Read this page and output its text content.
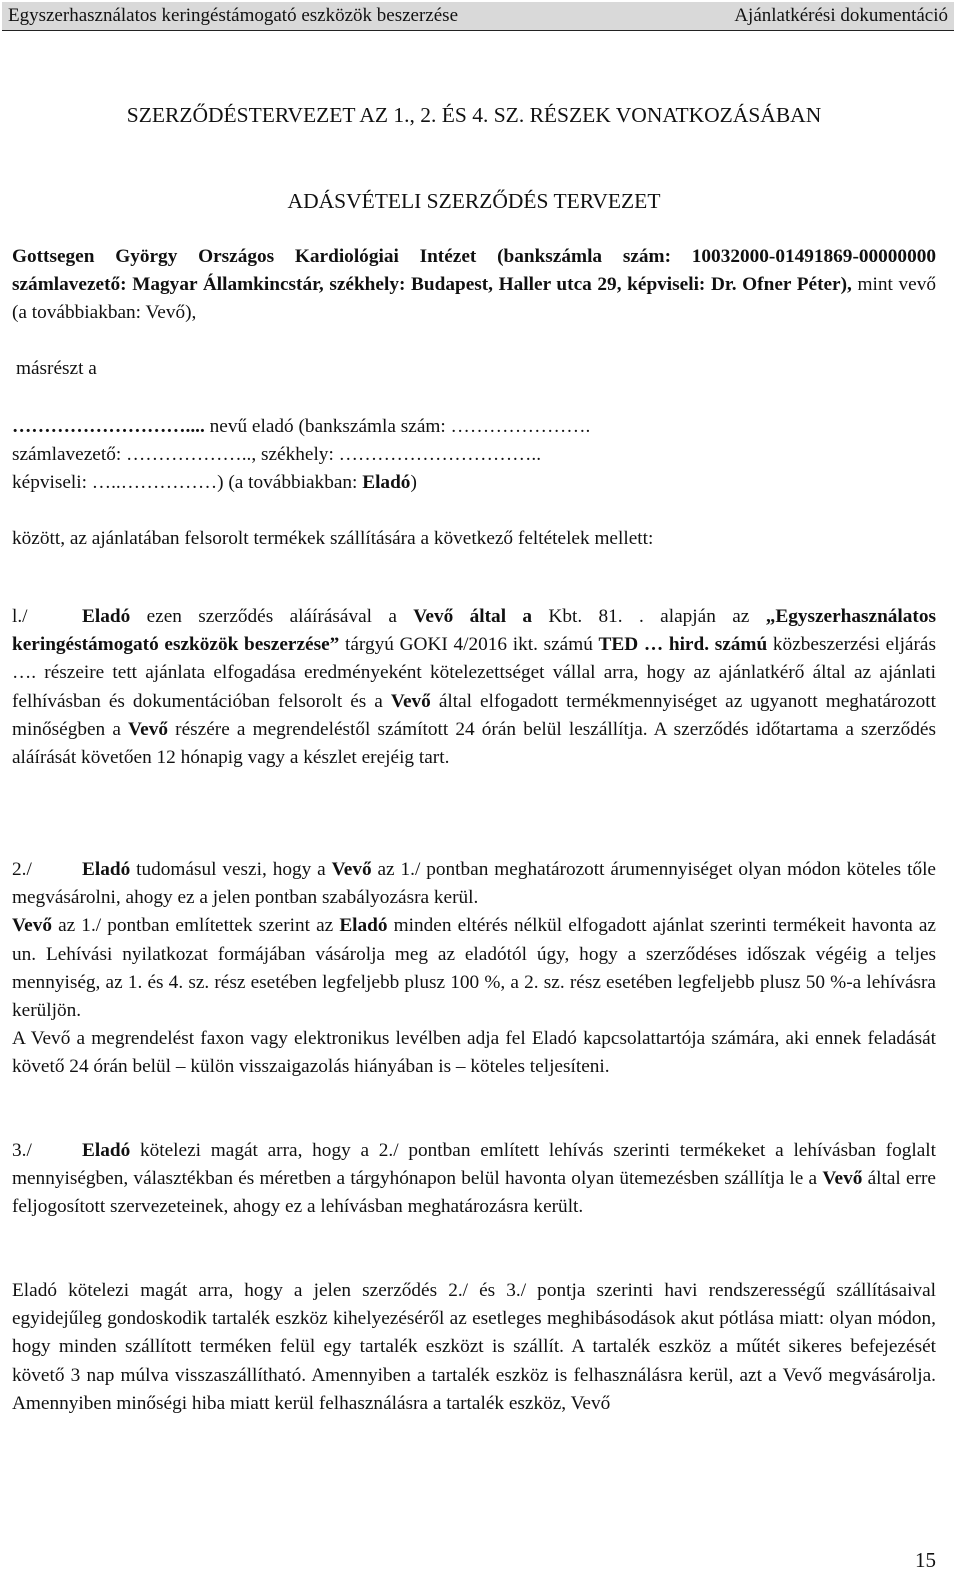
Egyszerhasználatos keringéstámogató eszközök beszerzése	Ajánlatkérési dokumentáció
SZERZŐDÉSTERVEZET AZ 1., 2. ÉS 4. SZ. RÉSZEK VONATKOZÁSÁBAN
ADÁSVÉTELI SZERZŐDÉS TERVEZET

Gottsegen György Országos Kardiológiai Intézet (bankszámla szám: 10032000-01491869-00000000 számlavezető: Magyar Államkincstár, székhely: Budapest, Haller utca 29, képviseli: Dr. Ofner Péter), mint vevő (a továbbiakban: Vevő),

másrészt a

……………………….... nevű eladó (bankszámla szám: ………………….
számlavezető: ……………….., székhely: …………………………..
képviseli: …..……………) (a továbbiakban: Eladó)

között, az ajánlatában felsorolt termékek szállítására a következő feltételek mellett:

l./	Eladó ezen szerződés aláírásával a Vevő által a Kbt. 81. . alapján az „Egyszerhasználatos keringéstámogató eszközök beszerzése” tárgyú GOKI 4/2016 ikt. számú TED … hird. számú közbeszerzési eljárás …. részeire tett ajánlata elfogadása eredményeként kötelezettséget vállal arra, hogy az ajánlatkérő által az ajánlati felhívásban és dokumentációban felsorolt és a Vevő által elfogadott termékmennyiséget az ugyanott meghatározott minőségben a Vevő részére a megrendeléstől számított 24 órán belül leszállítja. A szerződés időtartama a szerződés aláírását követően 12 hónapig vagy a készlet erejéig tart.

2./	Eladó tudomásul veszi, hogy a Vevő az 1./ pontban meghatározott árumennyiséget olyan módon köteles tőle megvásárolni, ahogy ez a jelen pontban szabályozásra kerül.
Vevő az 1./ pontban említettek szerint az Eladó minden eltérés nélkül elfogadott ajánlat szerinti termékeit havonta az un. Lehívási nyilatkozat formájában vásárolja meg az eladótól úgy, hogy a szerződéses időszak végéig a teljes mennyiség, az 1. és 4. sz. rész esetében legfeljebb plusz 100 %, a 2. sz. rész esetében legfeljebb plusz 50 %-a lehívásra kerüljön.
A Vevő a megrendelést faxon vagy elektronikus levélben adja fel Eladó kapcsolattartója számára, aki ennek feladását követő 24 órán belül – külön visszaigazolás hiányában is – köteles teljesíteni.

3./	Eladó kötelezi magát arra, hogy a 2./ pontban említett lehívás szerinti termékeket a lehívásban foglalt mennyiségben, választékban és méretben a tárgyhónapon belül havonta olyan ütemezésben szállítja le a Vevő által erre feljogosított szervezeteinek, ahogy ez a lehívásban meghatározásra került.

Eladó kötelezi magát arra, hogy a jelen szerződés 2./ és 3./ pontja szerinti havi rendszerességű szállításaival egyidejűleg gondoskodik tartalék eszköz kihelyezéséről az esetleges meghibásodások akut pótlása miatt: olyan módon, hogy minden szállított terméken felül egy tartalék eszközt is szállít. A tartalék eszköz a műtét sikeres befejezését követő 3 nap múlva visszaszállítható. Amennyiben a tartalék eszköz is felhasználásra kerül, azt a Vevő megvásárolja. Amennyiben minőségi hiba miatt kerül felhasználásra a tartalék eszköz, Vevő

15
